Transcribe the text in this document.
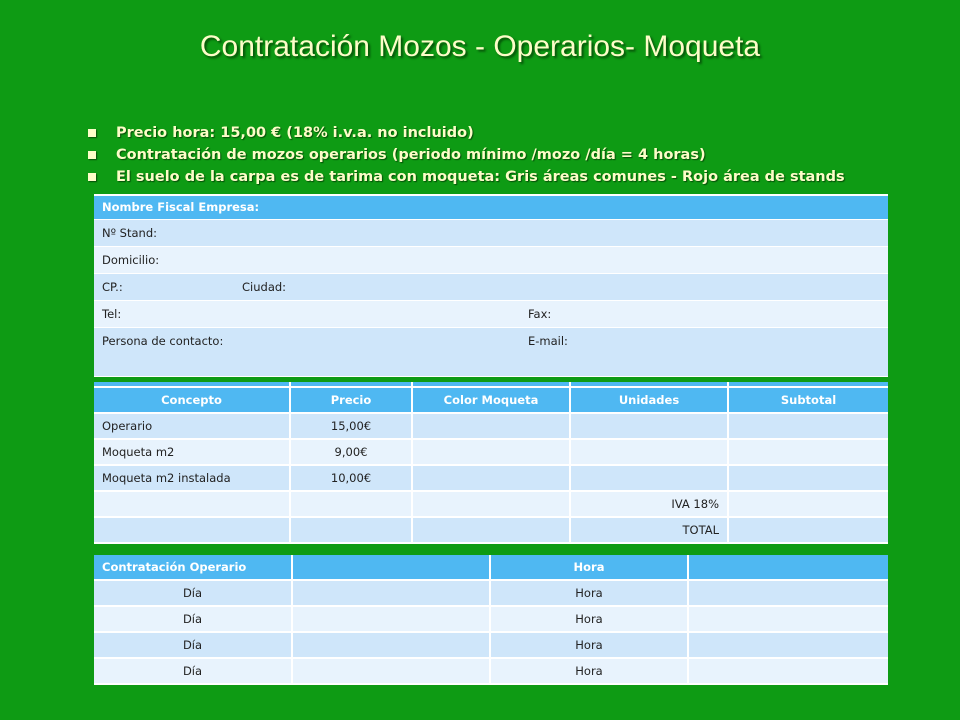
Contratación Mozos - Operarios- Moqueta
Precio hora: 15,00 € (18% i.v.a. no incluido)
Contratación de mozos operarios (periodo mínimo /mozo /día = 4 horas)
El suelo de la carpa es de tarima con moqueta: Gris áreas comunes - Rojo área de stands
Nombre Fiscal Empresa:		
Nº Stand:		
Domicilio:		
CP.:	Ciudad:	
Tel:		Fax:
Persona de contacto:		E-mail:

Concepto	Precio	Color Moqueta	Unidades	Subtotal
Operario	15,00€			
Moqueta m2	9,00€			
Moqueta m2 instalada	10,00€			
			IVA 18%	
			TOTAL	
Contratación Operario		Hora	
Día		Hora	
Día		Hora	
Día		Hora	
Día		Hora	
